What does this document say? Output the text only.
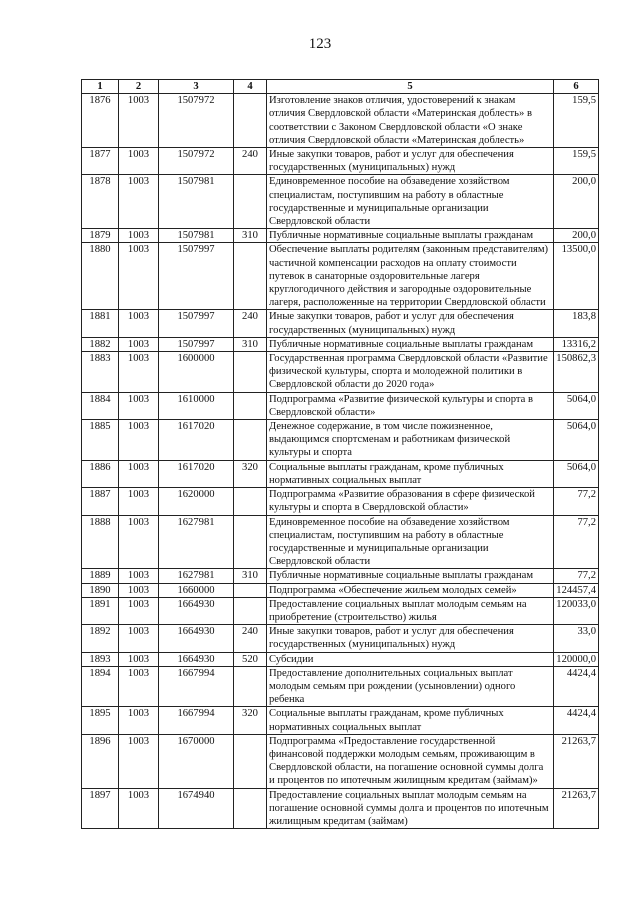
123
1	2	3	4	5	6
1876	1003	1507972		Изготовление знаков отличия, удостоверений к знакам отличия Свердловской области «Материнская доблесть» в соответствии с Законом Свердловской области «О знаке отличия Свердловской области «Материнская доблесть»	159,5
1877	1003	1507972	240	Иные закупки товаров, работ и услуг для обеспечения государственных (муниципальных) нужд	159,5
1878	1003	1507981		Единовременное пособие на обзаведение хозяйством специалистам, поступившим на работу в областные государственные и муниципальные организации Свердловской области	200,0
1879	1003	1507981	310	Публичные нормативные социальные выплаты гражданам	200,0
1880	1003	1507997		Обеспечение выплаты родителям (законным представителям) частичной компенсации расходов на оплату стоимости путевок в санаторные оздоровительные лагеря круглогодичного действия и загородные оздоровительные лагеря, расположенные на территории Свердловской области	13500,0
1881	1003	1507997	240	Иные закупки товаров, работ и услуг для обеспечения государственных (муниципальных) нужд	183,8
1882	1003	1507997	310	Публичные нормативные социальные выплаты гражданам	13316,2
1883	1003	1600000		Государственная программа Свердловской области «Развитие физической культуры, спорта и молодежной политики в Свердловской области до 2020 года»	150862,3
1884	1003	1610000		Подпрограмма «Развитие физической культуры и спорта в Свердловской области»	5064,0
1885	1003	1617020		Денежное содержание, в том числе пожизненное, выдающимся спортсменам и работникам физической культуры и спорта	5064,0
1886	1003	1617020	320	Социальные выплаты гражданам, кроме публичных нормативных социальных выплат	5064,0
1887	1003	1620000		Подпрограмма «Развитие образования в сфере физической культуры и спорта в Свердловской области»	77,2
1888	1003	1627981		Единовременное пособие на обзаведение хозяйством специалистам, поступившим на работу в областные государственные и муниципальные организации Свердловской области	77,2
1889	1003	1627981	310	Публичные нормативные социальные выплаты гражданам	77,2
1890	1003	1660000		Подпрограмма «Обеспечение жильем молодых семей»	124457,4
1891	1003	1664930		Предоставление социальных выплат молодым семьям на приобретение (строительство) жилья	120033,0
1892	1003	1664930	240	Иные закупки товаров, работ и услуг для обеспечения государственных (муниципальных) нужд	33,0
1893	1003	1664930	520	Субсидии	120000,0
1894	1003	1667994		Предоставление дополнительных социальных выплат молодым семьям при рождении (усыновлении) одного ребенка	4424,4
1895	1003	1667994	320	Социальные выплаты гражданам, кроме публичных нормативных социальных выплат	4424,4
1896	1003	1670000		Подпрограмма «Предоставление государственной финансовой поддержки молодым семьям, проживающим в Свердловской области, на погашение основной суммы долга и процентов по ипотечным жилищным кредитам (займам)»	21263,7
1897	1003	1674940		Предоставление социальных выплат молодым семьям на погашение основной суммы долга и процентов по ипотечным жилищным кредитам (займам)	21263,7
